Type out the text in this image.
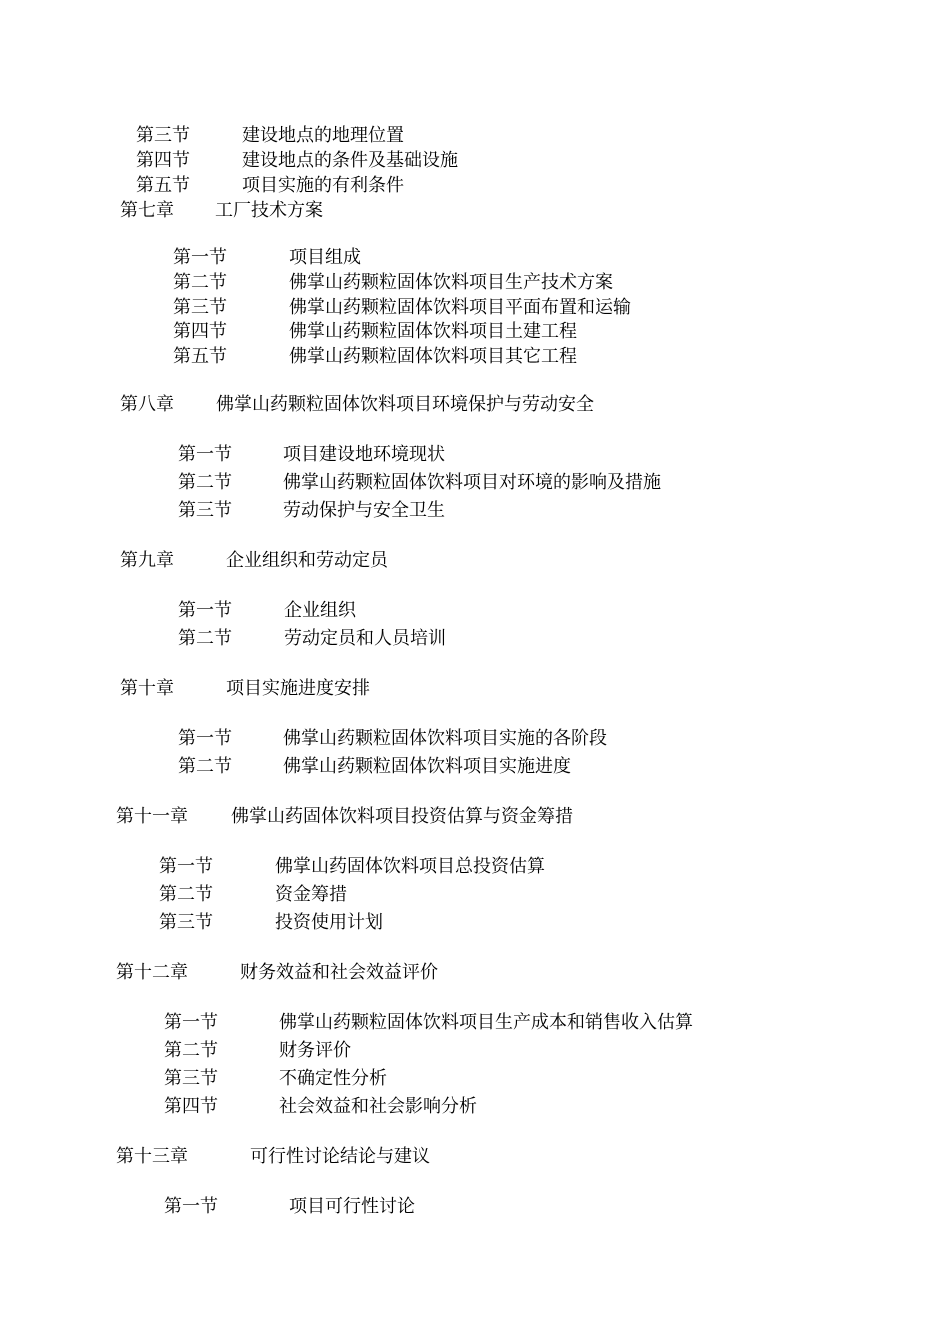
第三节	建设地点的地理位置
第四节	建设地点的条件及基础设施
第五节	项目实施的有利条件
第七章 工厂技术方案
第一节	项目组成
第二节	佛掌山药颗粒固体饮料项目生产技术方案
第三节	佛掌山药颗粒固体饮料项目平面布置和运输
第四节	佛掌山药颗粒固体饮料项目土建工程
第五节	佛掌山药颗粒固体饮料项目其它工程
第八章 佛掌山药颗粒固体饮料项目环境保护与劳动安全
第一节	项目建设地环境现状
第二节	佛掌山药颗粒固体饮料项目对环境的影响及措施
第三节	劳动保护与安全卫生
第九章	企业组织和劳动定员
第一节	企业组织
第二节	劳动定员和人员培训
第十章	项目实施进度安排
第一节	佛掌山药颗粒固体饮料项目实施的各阶段
第二节	佛掌山药颗粒固体饮料项目实施进度
第十一章 佛掌山药固体饮料项目投资估算与资金筹措
第一节	佛掌山药固体饮料项目总投资估算
第二节	资金筹措
第三节	投资使用计划
第十二章	财务效益和社会效益评价
第一节	佛掌山药颗粒固体饮料项目生产成本和销售收入估算
第二节	财务评价
第三节	不确定性分析
第四节	社会效益和社会影响分析
第十三章	可行性讨论结论与建议
第一节	项目可行性讨论
